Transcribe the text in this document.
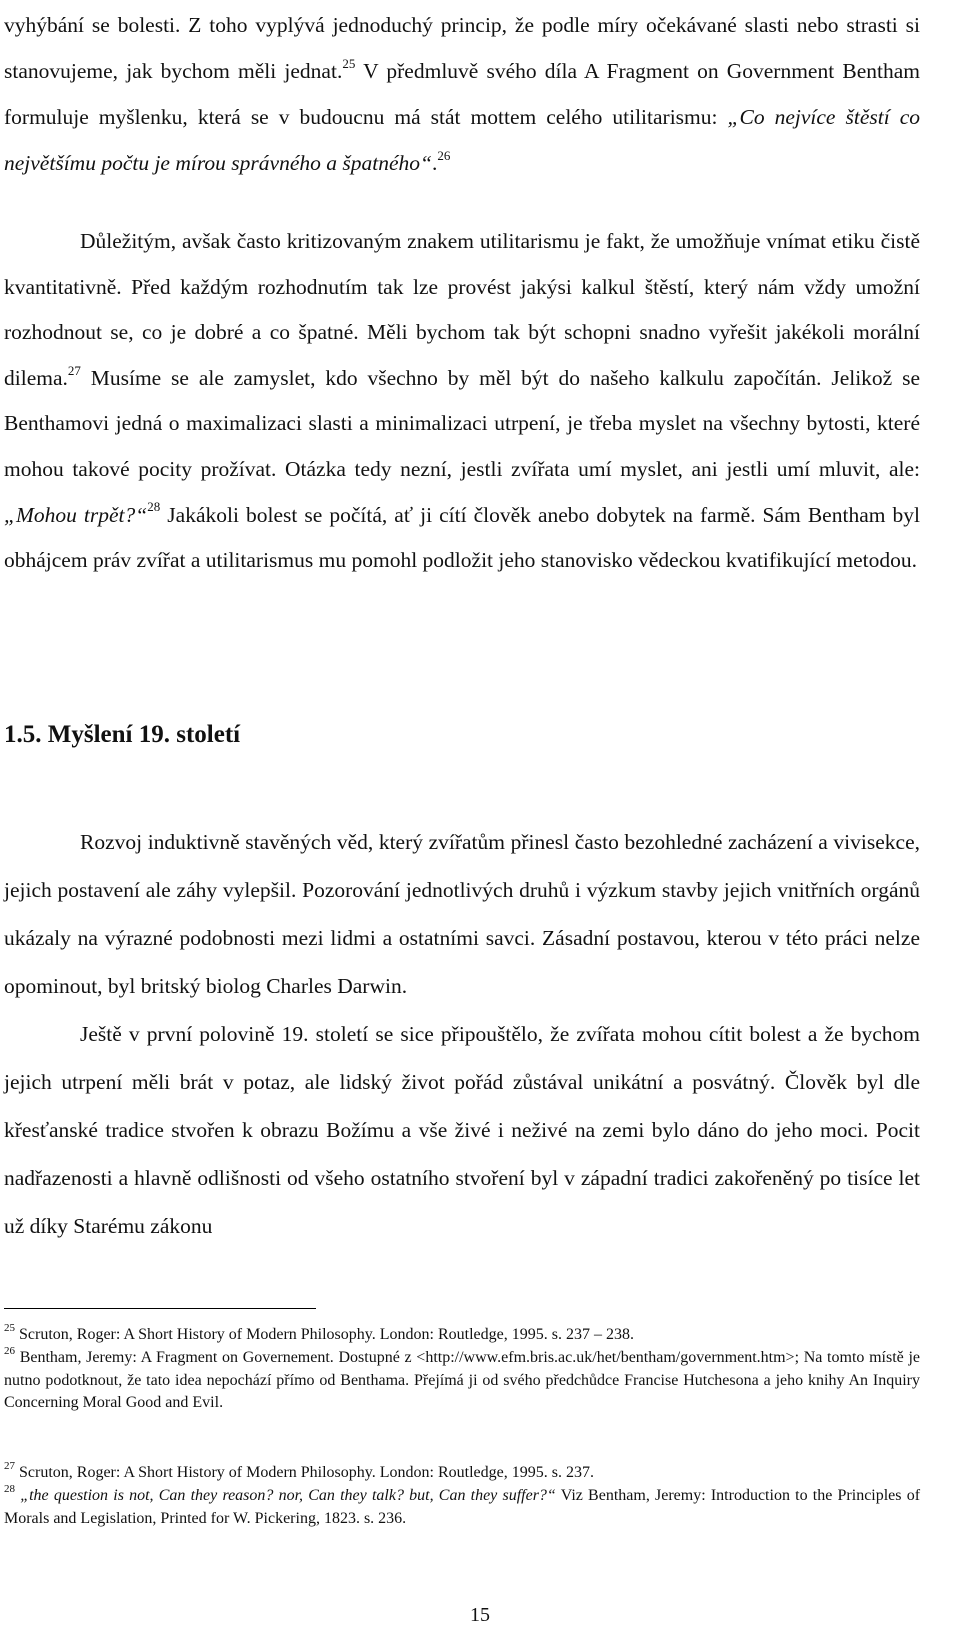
vyhýbání se bolesti. Z toho vyplývá jednoduchý princip, že podle míry očekávané slasti nebo strasti si stanovujeme, jak bychom měli jednat.$^{25}$ V předmluvě svého díla A Fragment on Government Bentham formuluje myšlenku, která se v budoucnu má stát mottem celého utilitarismu: „Co nejvíce štěstí co největšímu počtu je mírou správného a špatného“.$^{26}$

Důležitým, avšak často kritizovaným znakem utilitarismu je fakt, že umožňuje vnímat etiku čistě kvantitativně. Před každým rozhodnutím tak lze provést jakýsi kalkul štěstí, který nám vždy umožní rozhodnout se, co je dobré a co špatné. Měli bychom tak být schopni snadno vyřešit jakékoli morální dilema.$^{27}$ Musíme se ale zamyslet, kdo všechno by měl být do našeho kalkulu započítán. Jelikož se Benthamovi jedná o maximalizaci slasti a minimalizaci utrpení, je třeba myslet na všechny bytosti, které mohou takové pocity prožívat. Otázka tedy nezní, jestli zvířata umí myslet, ani jestli umí mluvit, ale: „Mohou trpět?“$^{28}$ Jakákoli bolest se počítá, ať ji cítí člověk anebo dobytek na farmě. Sám Bentham byl obhájcem práv zvířat a utilitarismus mu pomohl podložit jeho stanovisko vědeckou kvatifikující metodou.

1.5. Myšlení 19. století

Rozvoj induktivně stavěných věd, který zvířatům přinesl často bezohledné zacházení a vivisekce, jejich postavení ale záhy vylepšil. Pozorování jednotlivých druhů i výzkum stavby jejich vnitřních orgánů ukázaly na výrazné podobnosti mezi lidmi a ostatními savci. Zásadní postavou, kterou v této práci nelze opominout, byl britský biolog Charles Darwin.

Ještě v první polovině 19. století se sice připouštělo, že zvířata mohou cítit bolest a že bychom jejich utrpení měli brát v potaz, ale lidský život pořád zůstával unikátní a posvátný. Člověk byl dle křesťanské tradice stvořen k obrazu Božímu a vše živé i neživé na zemi bylo dáno do jeho moci. Pocit nadřazenosti a hlavně odlišnosti od všeho ostatního stvoření byl v západní tradici zakořeněný po tisíce let už díky Starému zákonu

$^{25}$ Scruton, Roger: A Short History of Modern Philosophy. London: Routledge, 1995. s. 237 – 238.

$^{26}$ Bentham, Jeremy: A Fragment on Governement. Dostupné z <http://www.efm.bris.ac.uk/het/bentham/government.htm>; Na tomto místě je nutno podotknout, že tato idea nepochází přímo od Benthama. Přejímá ji od svého předchůdce Francise Hutchesona a jeho knihy An Inquiry Concerning Moral Good and Evil.

$^{27}$ Scruton, Roger: A Short History of Modern Philosophy. London: Routledge, 1995. s. 237.

$^{28}$ „the question is not, Can they reason? nor, Can they talk? but, Can they suffer?“ Viz Bentham, Jeremy: Introduction to the Principles of Morals and Legislation, Printed for W. Pickering, 1823. s. 236.

15
